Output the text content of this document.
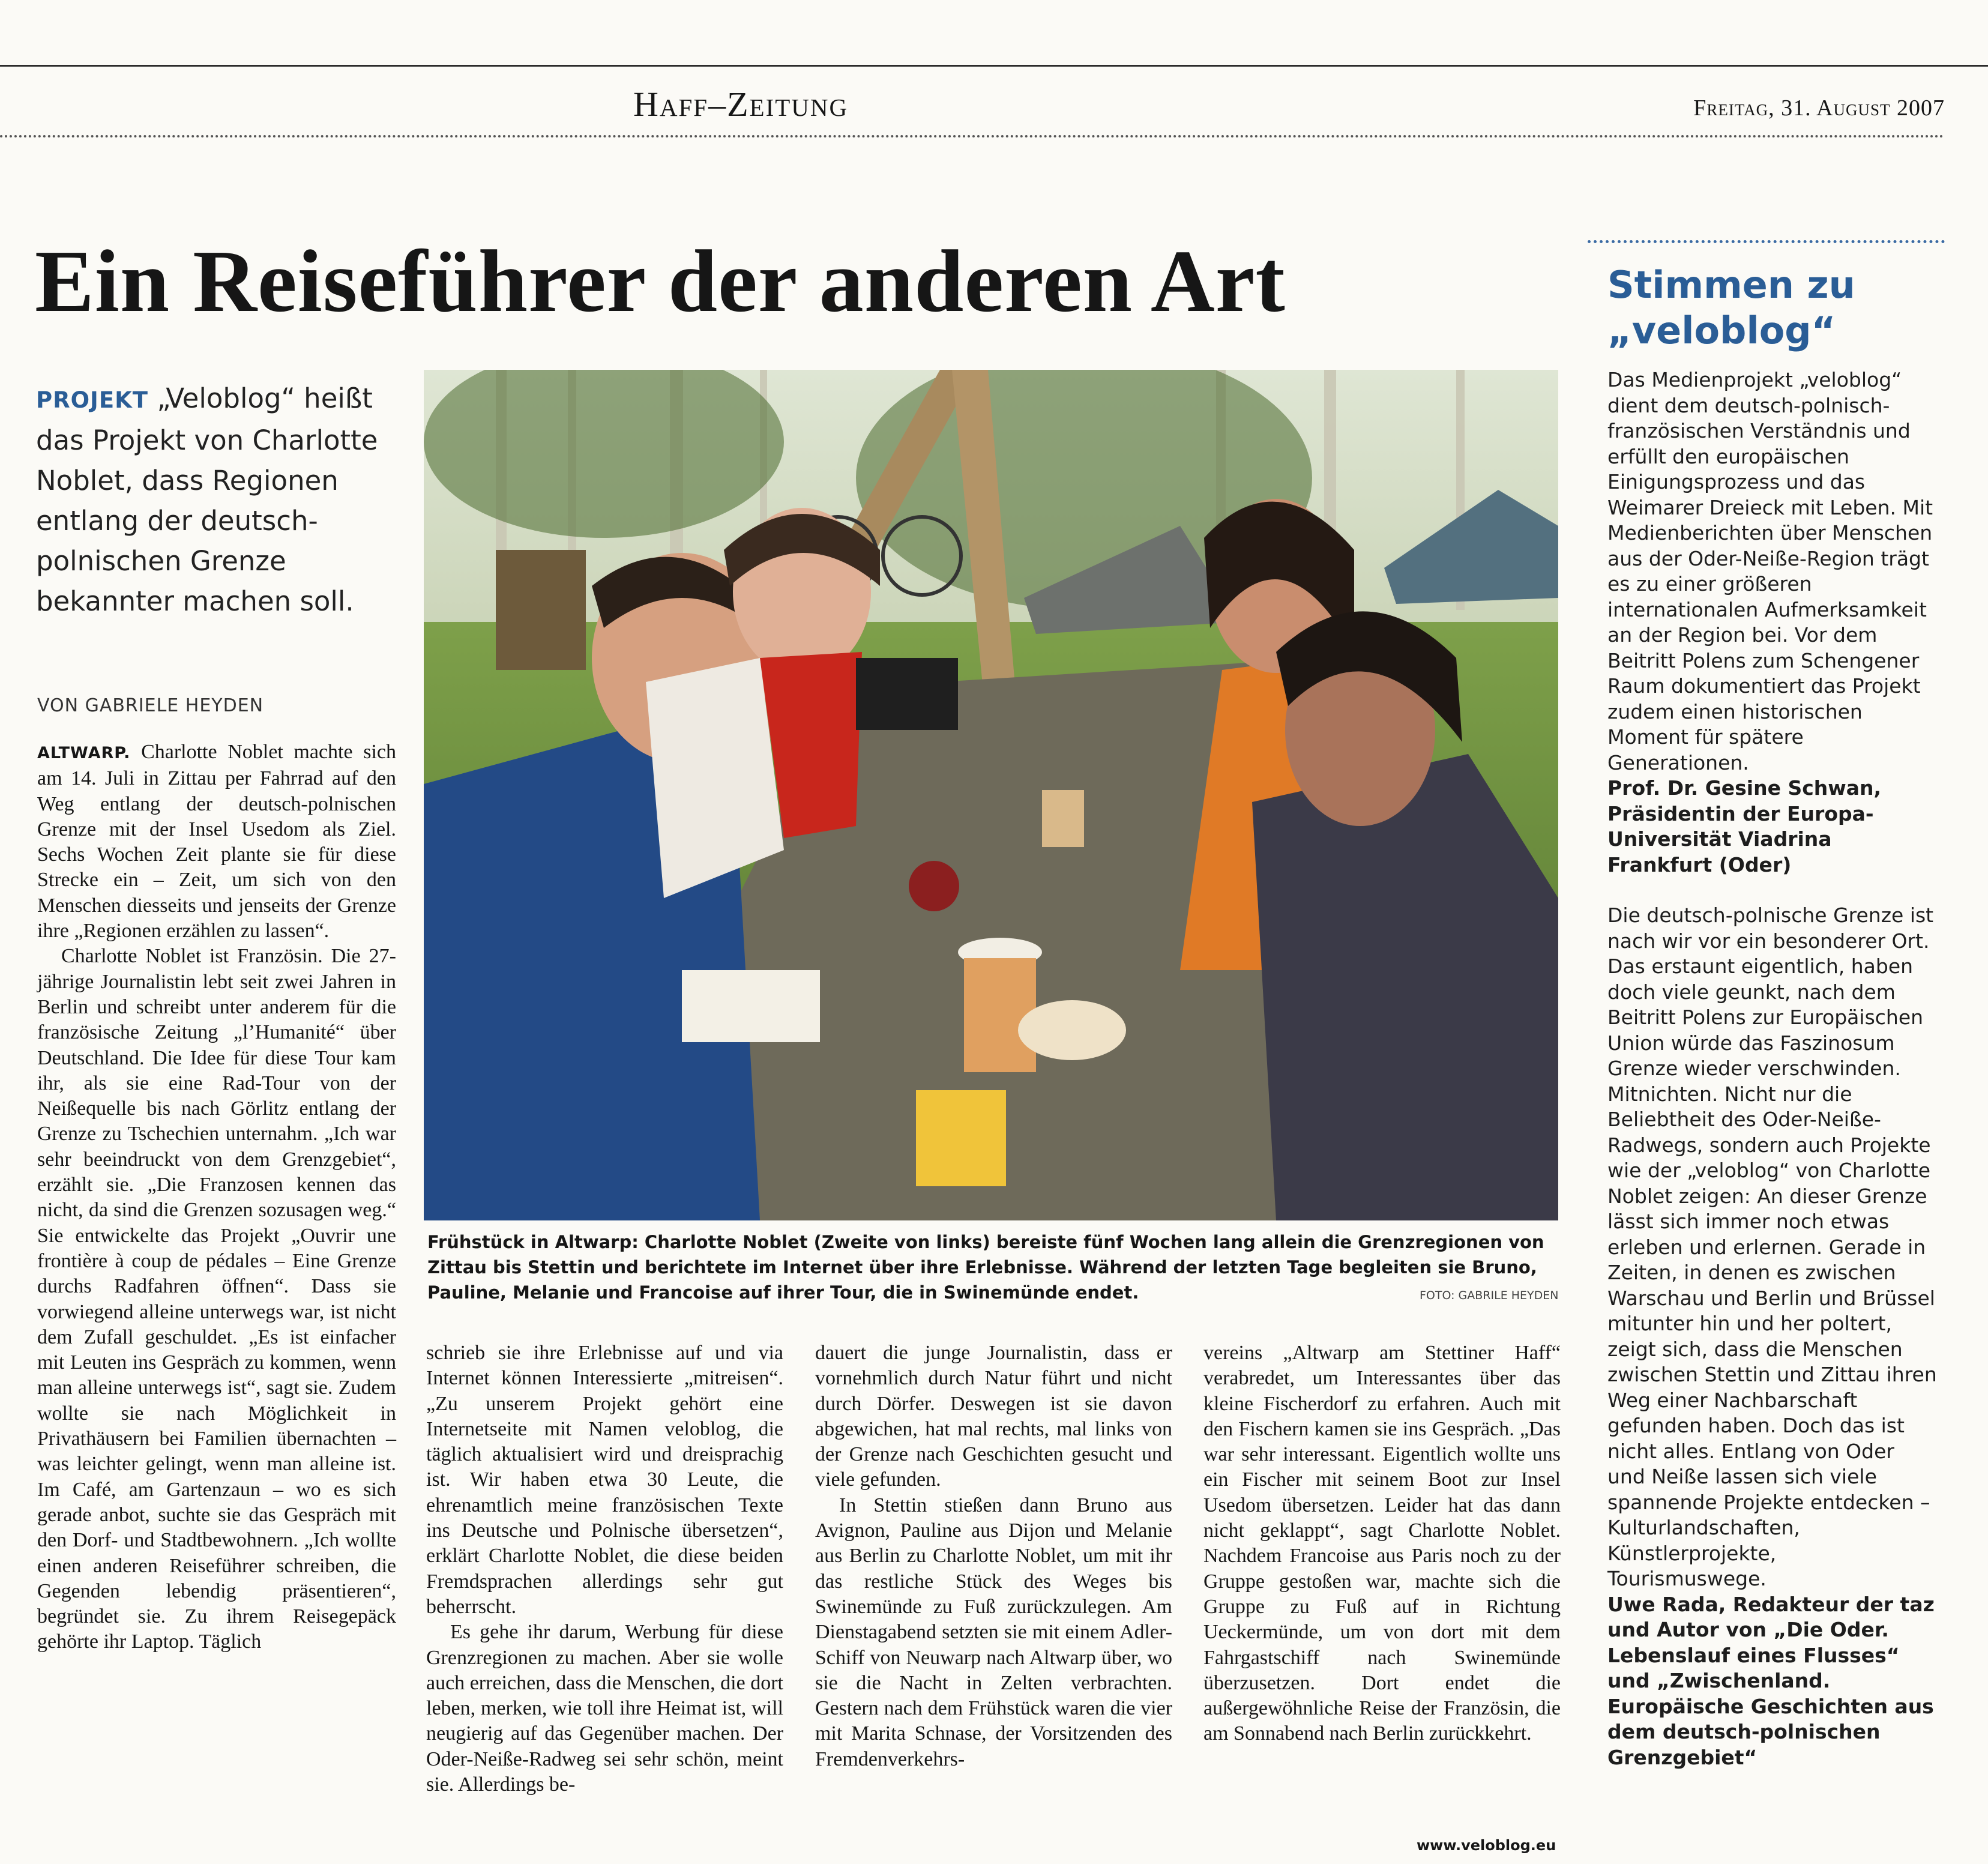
Haff–Zeitung	Freitag, 31. August 2007
Ein Reiseführer der anderen Art
PROJEKT „Veloblog“ heißt das Projekt von Charlotte Noblet, dass Regionen entlang der deutsch-polnischen Grenze bekannter machen soll.
VON GABRIELE HEYDEN

ALTWARP. Charlotte Noblet machte sich am 14. Juli in Zittau per Fahrrad auf den Weg entlang der deutsch-polnischen Grenze mit der Insel Usedom als Ziel. Sechs Wochen Zeit plante sie für diese Strecke ein – Zeit, um sich von den Menschen diesseits und jenseits der Grenze ihre „Regionen erzählen zu lassen“.

Charlotte Noblet ist Französin. Die 27-jährige Journalistin lebt seit zwei Jahren in Berlin und schreibt unter anderem für die französische Zeitung „l’Humanité“ über Deutschland. Die Idee für diese Tour kam ihr, als sie eine Rad-Tour von der Neißequelle bis nach Görlitz entlang der Grenze zu Tschechien unternahm. „Ich war sehr beeindruckt von dem Grenzgebiet“, erzählt sie. „Die Franzosen kennen das nicht, da sind die Grenzen sozusagen weg.“ Sie entwickelte das Projekt „Ouvrir une frontière à coup de pédales – Eine Grenze durchs Radfahren öffnen“. Dass sie vorwiegend alleine unterwegs war, ist nicht dem Zufall geschuldet. „Es ist einfacher mit Leuten ins Gespräch zu kommen, wenn man alleine unterwegs ist“, sagt sie. Zudem wollte sie nach Möglichkeit in Privathäusern bei Familien übernachten – was leichter gelingt, wenn man alleine ist. Im Café, am Gartenzaun – wo es sich gerade anbot, suchte sie das Gespräch mit den Dorf- und Stadtbewohnern. „Ich wollte einen anderen Reiseführer schreiben, die Gegenden lebendig präsentieren“, begründet sie. Zu ihrem Reisegepäck gehörte ihr Laptop. Täglich

Frühstück in Altwarp: Charlotte Noblet (Zweite von links) bereiste fünf Wochen lang allein die Grenzregionen von Zittau bis Stettin und berichtete im Internet über ihre Erlebnisse. Während der letzten Tage begleiten sie Bruno, Pauline, Melanie und Francoise auf ihrer Tour, die in Swinemünde endet.	FOTO: GABRILE HEYDEN

schrieb sie ihre Erlebnisse auf und via Internet können Interessierte „mitreisen“. „Zu unserem Projekt gehört eine Internetseite mit Namen veloblog, die täglich aktualisiert wird und dreisprachig ist. Wir haben etwa 30 Leute, die ehrenamtlich meine französischen Texte ins Deutsche und Polnische übersetzen“, erklärt Charlotte Noblet, die diese beiden Fremdsprachen allerdings sehr gut beherrscht.

Es gehe ihr darum, Werbung für diese Grenzregionen zu machen. Aber sie wolle auch erreichen, dass die Menschen, die dort leben, merken, wie toll ihre Heimat ist, will neugierig auf das Gegenüber machen. Der Oder-Neiße-Radweg sei sehr schön, meint sie. Allerdings be-

dauert die junge Journalistin, dass er vornehmlich durch Natur führt und nicht durch Dörfer. Deswegen ist sie davon abgewichen, hat mal rechts, mal links von der Grenze nach Geschichten gesucht und viele gefunden.

In Stettin stießen dann Bruno aus Avignon, Pauline aus Dijon und Melanie aus Berlin zu Charlotte Noblet, um mit ihr das restliche Stück des Weges bis Swinemünde zu Fuß zurückzulegen. Am Dienstagabend setzten sie mit einem Adler-Schiff von Neuwarp nach Altwarp über, wo sie die Nacht in Zelten verbrachten. Gestern nach dem Frühstück waren die vier mit Marita Schnase, der Vorsitzenden des Fremdenverkehrs-

vereins „Altwarp am Stettiner Haff“ verabredet, um Interessantes über das kleine Fischerdorf zu erfahren. Auch mit den Fischern kamen sie ins Gespräch. „Das war sehr interessant. Eigentlich wollte uns ein Fischer mit seinem Boot zur Insel Usedom übersetzen. Leider hat das dann nicht geklappt“, sagt Charlotte Noblet. Nachdem Francoise aus Paris noch zu der Gruppe gestoßen war, machte sich die Gruppe zu Fuß auf in Richtung Ueckermünde, um von dort mit dem Fahrgastschiff nach Swinemünde überzusetzen. Dort endet die außergewöhnliche Reise der Französin, die am Sonnabend nach Berlin zurückkehrt.

www.veloblog.eu
Stimmen zu
„veloblog“

Das Medienprojekt „veloblog“ dient dem deutsch-polnisch-französischen Verständnis und erfüllt den europäischen Einigungsprozess und das Weimarer Dreieck mit Leben. Mit Medienberichten über Menschen aus der Oder-Neiße-Region trägt es zu einer größeren internationalen Aufmerksamkeit an der Region bei. Vor dem Beitritt Polens zum Schengener Raum dokumentiert das Projekt zudem einen historischen Moment für spätere Generationen.

Prof. Dr. Gesine Schwan, Präsidentin der Europa-Universität Viadrina Frankfurt (Oder)

Die deutsch-polnische Grenze ist nach wir vor ein besonderer Ort. Das erstaunt eigentlich, haben doch viele geunkt, nach dem Beitritt Polens zur Europäischen Union würde das Faszinosum Grenze wieder verschwinden. Mitnichten. Nicht nur die Beliebtheit des Oder-Neiße-Radwegs, sondern auch Projekte wie der „veloblog“ von Charlotte Noblet zeigen: An dieser Grenze lässt sich immer noch etwas erleben und erlernen. Gerade in Zeiten, in denen es zwischen Warschau und Berlin und Brüssel mitunter hin und her poltert, zeigt sich, dass die Menschen zwischen Stettin und Zittau ihren Weg einer Nachbarschaft gefunden haben. Doch das ist nicht alles. Entlang von Oder und Neiße lassen sich viele spannende Projekte entdecken – Kulturlandschaften, Künstlerprojekte, Tourismuswege.

Uwe Rada, Redakteur der taz und Autor von „Die Oder. Lebenslauf eines Flusses“ und „Zwischenland. Europäische Geschichten aus dem deutsch-polnischen Grenzgebiet“
